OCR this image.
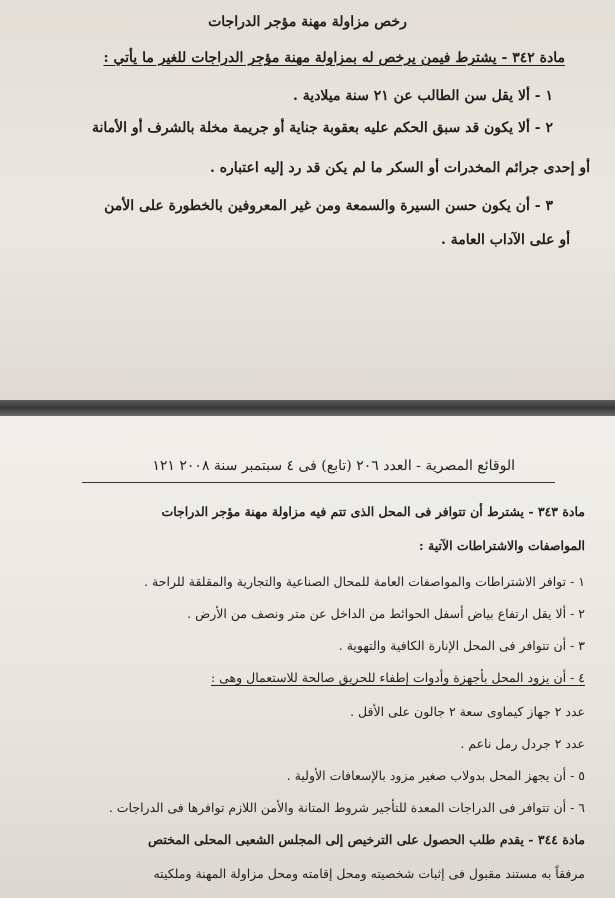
رخص مزاولة مهنة مؤجر الدراجات
مادة ٣٤٢ - يشترط فيمن يرخص له بمزاولة مهنة مؤجر الدراجات للغير ما يأتي :
١ - ألا يقل سن الطالب عن ٢١ سنة ميلادية .
٢ - ألا يكون قد سبق الحكم عليه بعقوبة جناية أو جريمة مخلة بالشرف أو الأمانة
أو إحدى جرائم المخدرات أو السكر ما لم يكن قد رد إليه اعتباره .
٣ - أن يكون حسن السيرة والسمعة ومن غير المعروفين بالخطورة على الأمن
أو على الآداب العامة .
الوقائع المصرية - العدد ٢٠٦ (تابع) فى ٤ سبتمبر سنة ٢٠٠٨ ١٢١
مادة ٣٤٣ - يشترط أن تتوافر فى المحل الذى تتم فيه مزاولة مهنة مؤجر الدراجات
المواصفات والاشتراطات الآتية :
١ - توافر الاشتراطات والمواصفات العامة للمحال الصناعية والتجارية والمقلقة للراحة .
٢ - ألا يقل ارتفاع بياض أسفل الحوائط من الداخل عن متر ونصف من الأرض .
٣ - أن تتوافر فى المحل الإنارة الكافية والتهوية .
٤ - أن يزود المحل بأجهزة وأدوات إطفاء للحريق صالحة للاستعمال وهى :
عدد ٢ جهاز كيماوى سعة ٢ جالون على الأقل .
عدد ٢ جردل رمل ناعم .
٥ - أن يجهز المحل بدولاب صغير مزود بالإسعافات الأولية .
٦ - أن تتوافر فى الدراجات المعدة للتأجير شروط المتانة والأمن اللازم توافرها فى الدراجات .
مادة ٣٤٤ - يقدم طلب الحصول على الترخيص إلى المجلس الشعبى المحلى المختص
مرفقاً به مستند مقبول فى إثبات شخصيته ومحل إقامته ومحل مزاولة المهنة وملكيته
